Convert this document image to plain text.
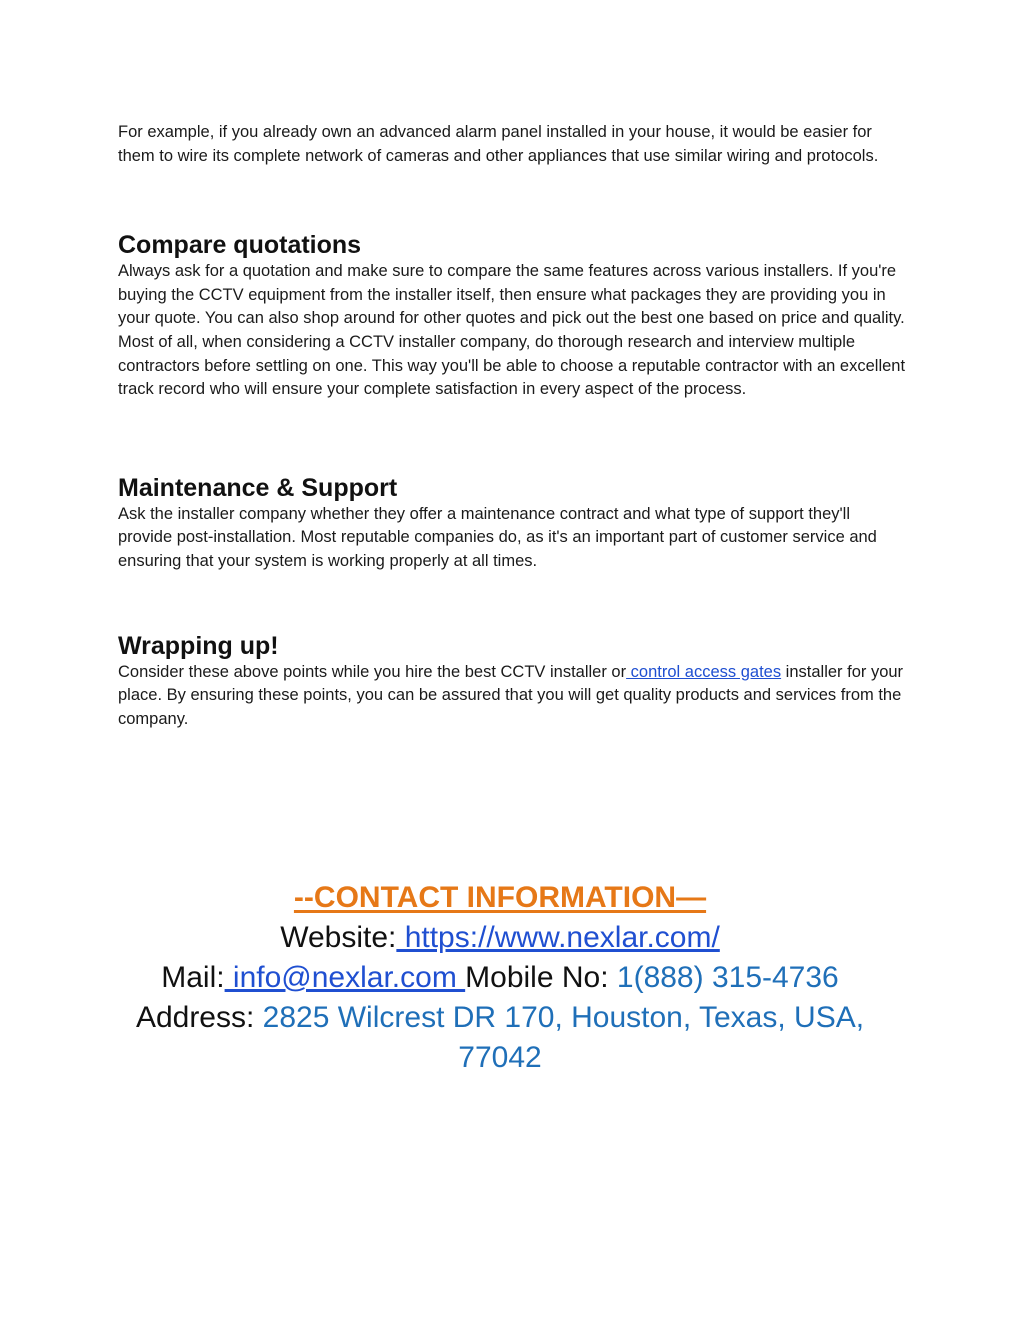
For example, if you already own an advanced alarm panel installed in your house, it would be easier for them to wire its complete network of cameras and other appliances that use similar wiring and protocols.

Compare quotations

Always ask for a quotation and make sure to compare the same features across various installers. If you're buying the CCTV equipment from the installer itself, then ensure what packages they are providing you in your quote. You can also shop around for other quotes and pick out the best one based on price and quality.

Most of all, when considering a CCTV installer company, do thorough research and interview multiple contractors before settling on one. This way you'll be able to choose a reputable contractor with an excellent track record who will ensure your complete satisfaction in every aspect of the process.

Maintenance & Support

Ask the installer company whether they offer a maintenance contract and what type of support they'll provide post-installation. Most reputable companies do, as it's an important part of customer service and ensuring that your system is working properly at all times.

Wrapping up!

Consider these above points while you hire the best CCTV installer or control access gates installer for your place. By ensuring these points, you can be assured that you will get quality products and services from the company.

--CONTACT INFORMATION—
Website: https://www.nexlar.com/
Mail: info@nexlar.com Mobile No: 1(888) 315-4736
Address: 2825 Wilcrest DR 170, Houston, Texas, USA, 77042
